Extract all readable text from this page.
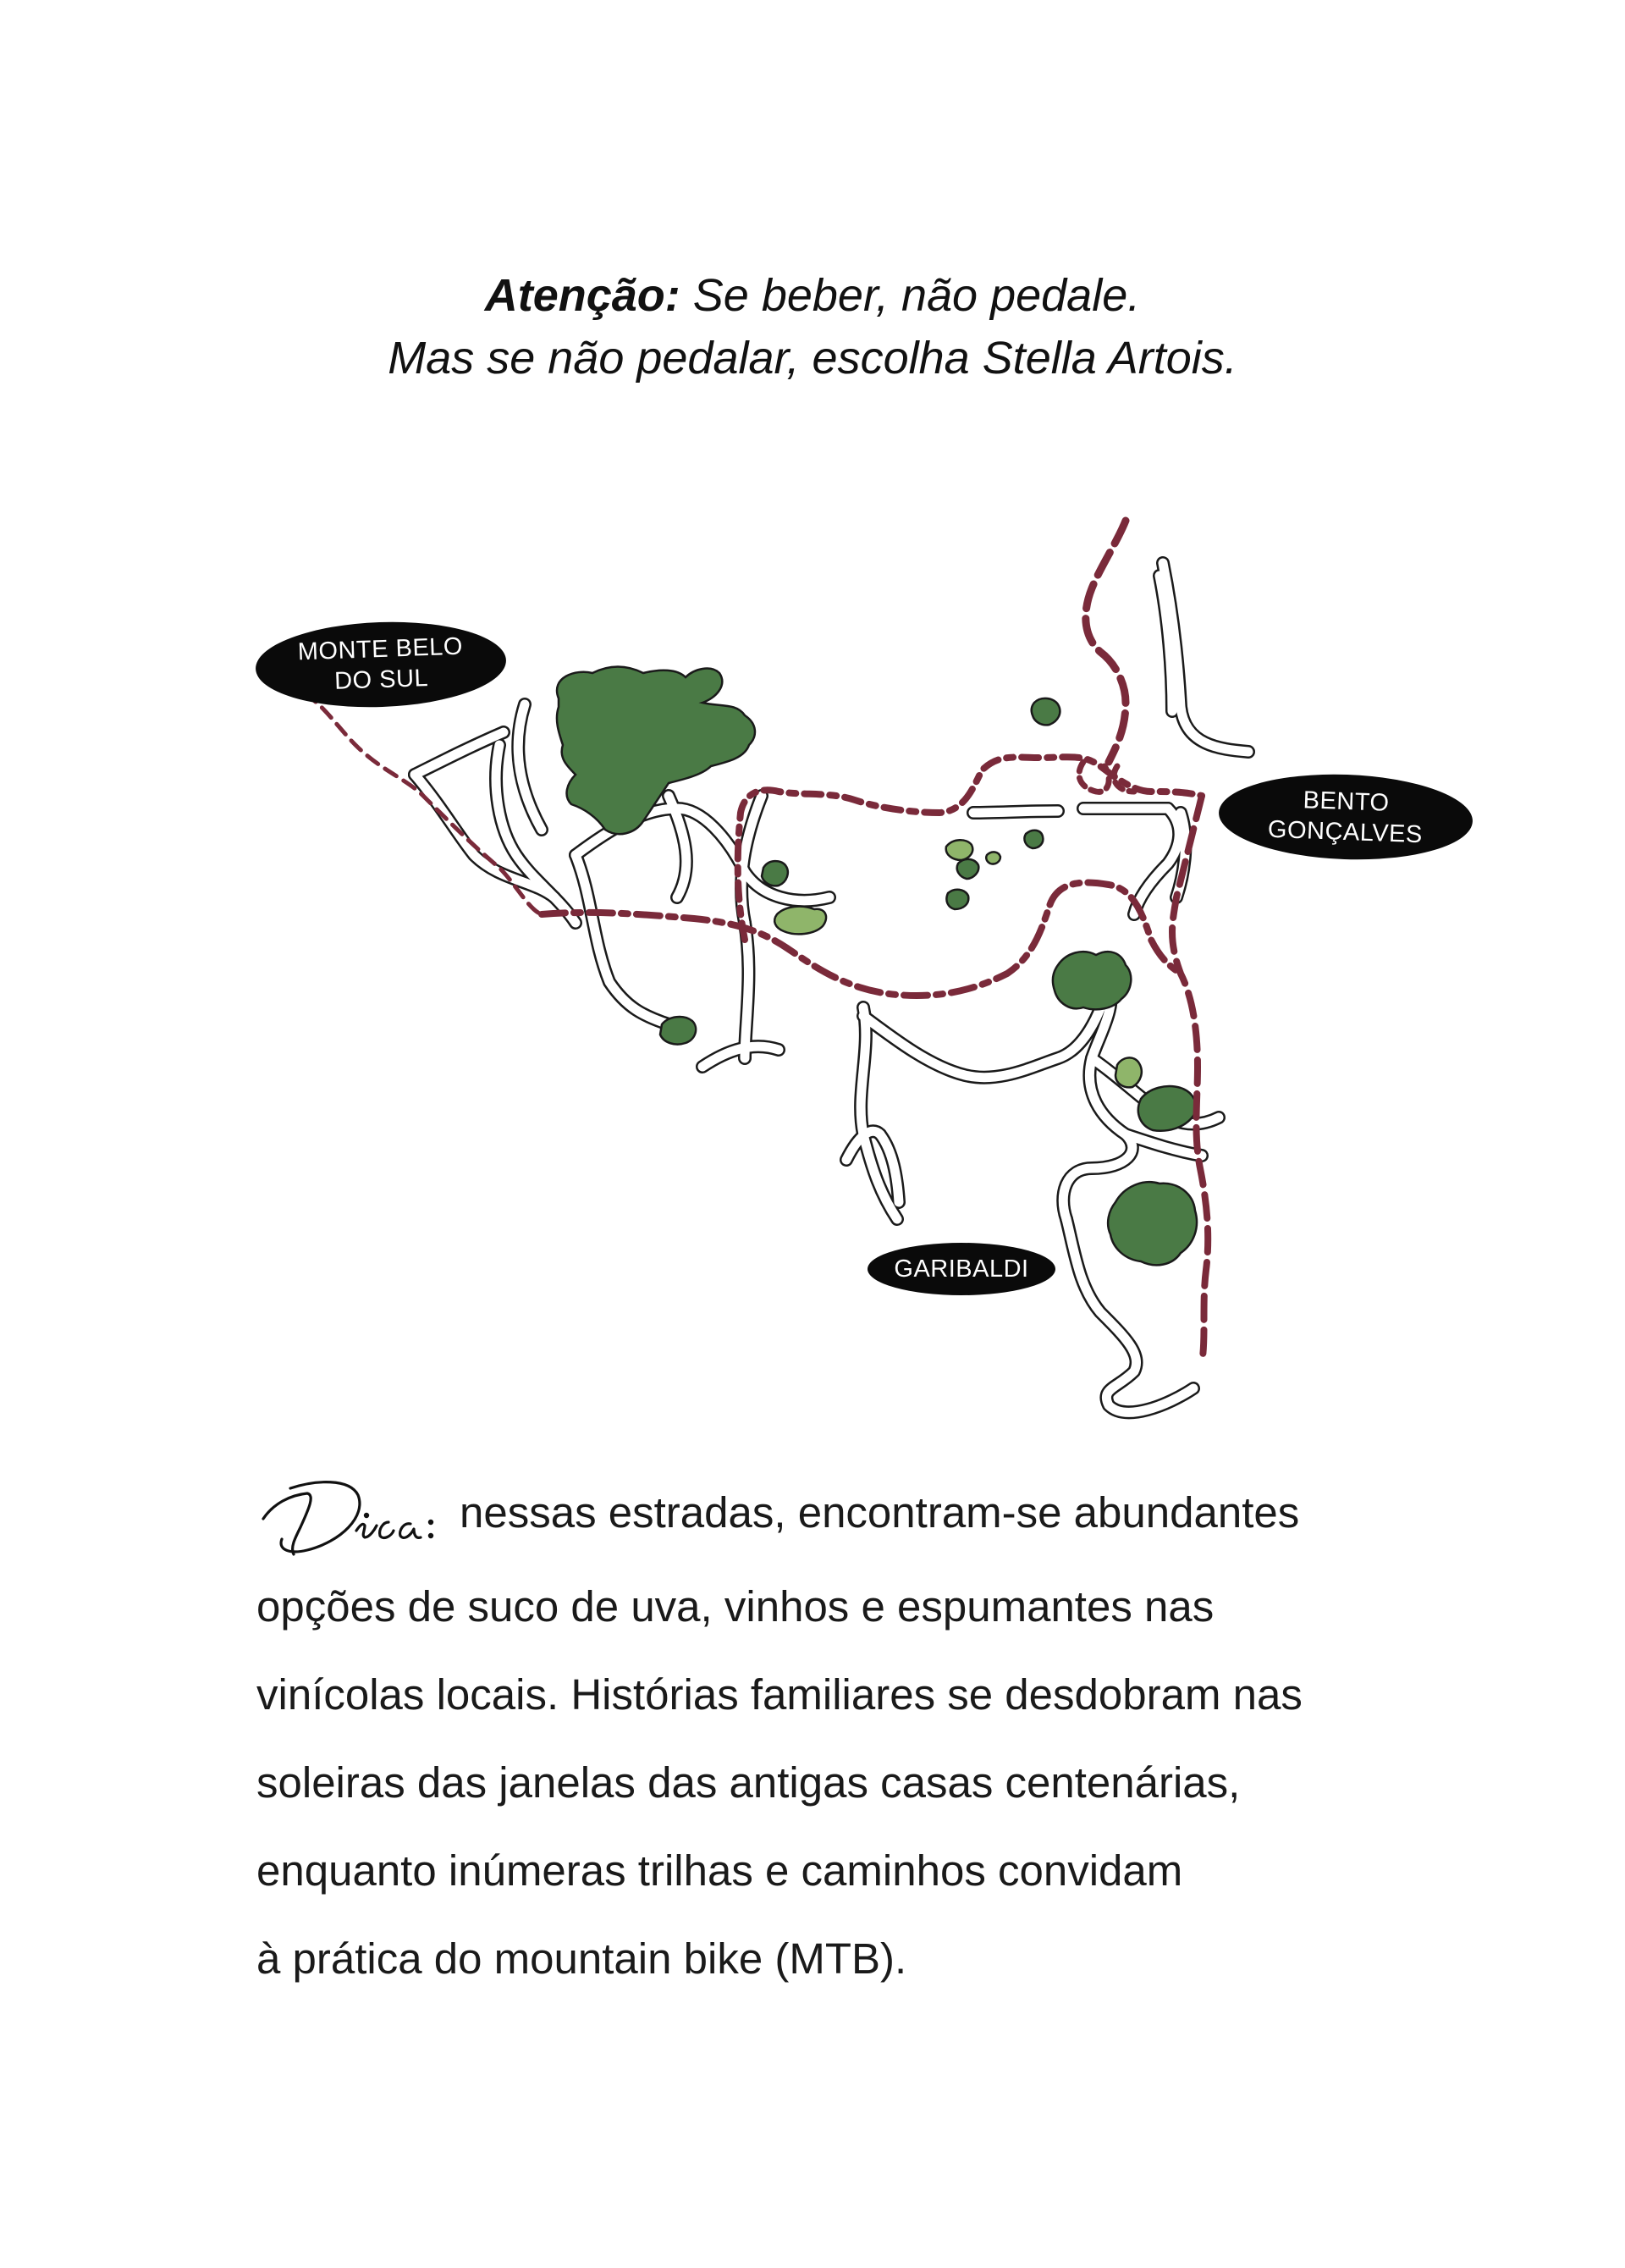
Atenção: Se beber, não pedale.
Mas se não pedalar, escolha Stella Artois.
MONTE BELO
DO SUL
BENTO
GONÇALVES
GARIBALDI
nessas estradas, encontram-se abundantes
opções de suco de uva, vinhos e espumantes nas
vinícolas locais. Histórias familiares se desdobram nas
soleiras das janelas das antigas casas centenárias,
enquanto inúmeras trilhas e caminhos convidam
à prática do mountain bike (MTB).
